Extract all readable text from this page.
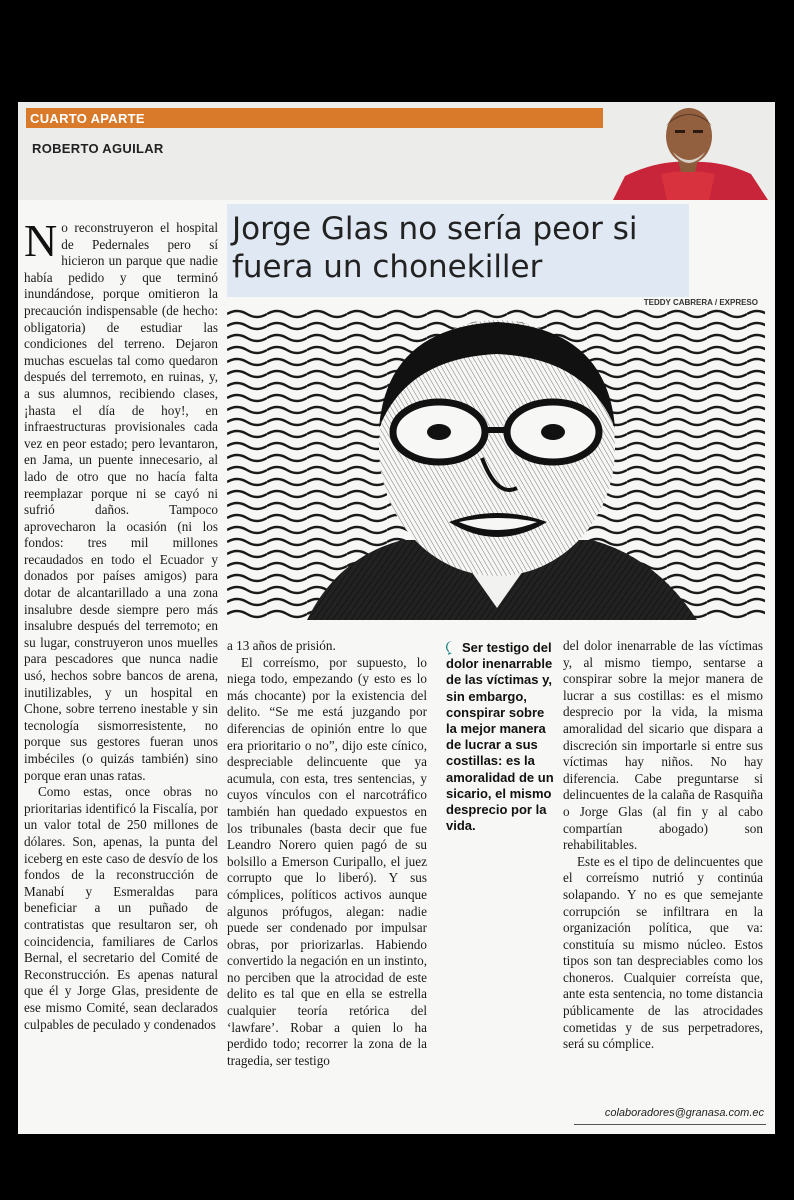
CUARTO APARTE
ROBERTO AGUILAR
Jorge Glas no sería peor si fuera un chonekiller
TEDDY CABRERA / EXPRESO

N o reconstruyeron el hospital de Pedernales pero sí hicieron un parque que nadie había pedido y que terminó inundándose, porque omitieron la precaución indispensable (de hecho: obligatoria) de estudiar las condiciones del terreno. Dejaron muchas escuelas tal como quedaron después del terremoto, en ruinas, y, a sus alumnos, recibiendo clases, ¡hasta el día de hoy!, en infraestructuras provisionales cada vez en peor estado; pero levantaron, en Jama, un puente innecesario, al lado de otro que no hacía falta reemplazar porque ni se cayó ni sufrió daños. Tampoco aprovecharon la ocasión (ni los fondos: tres mil millones recaudados en todo el Ecuador y donados por países amigos) para dotar de alcantarillado a una zona insalubre desde siempre pero más insalubre después del terremoto; en su lugar, construyeron unos muelles para pescadores que nunca nadie usó, hechos sobre bancos de arena, inutilizables, y un hospital en Chone, sobre terreno inestable y sin tecnología sismorresistente, no porque sus gestores fueran unos imbéciles (o quizás también) sino porque eran unas ratas.

Como estas, once obras no prioritarias identificó la Fiscalía, por un valor total de 250 millones de dólares. Son, apenas, la punta del iceberg en este caso de desvío de los fondos de la reconstrucción de Manabí y Esmeraldas para beneficiar a un puñado de contratistas que resultaron ser, oh coincidencia, familiares de Carlos Bernal, el secretario del Comité de Reconstrucción. Es apenas natural que él y Jorge Glas, presidente de ese mismo Comité, sean declarados culpables de peculado y condenados

a 13 años de prisión.

El correísmo, por supuesto, lo niega todo, empezando (y esto es lo más chocante) por la existencia del delito. “Se me está juzgando por diferencias de opinión entre lo que era prioritario o no”, dijo este cínico, despreciable delincuente que ya acumula, con esta, tres sentencias, y cuyos vínculos con el narcotráfico también han quedado expuestos en los tribunales (basta decir que fue Leandro Norero quien pagó de su bolsillo a Emerson Curipallo, el juez corrupto que lo liberó). Y sus cómplices, políticos activos aunque algunos prófugos, alegan: nadie puede ser condenado por impulsar obras, por priorizarlas. Habiendo convertido la negación en un instinto, no perciben que la atrocidad de este delito es tal que en ella se estrella cualquier teoría retórica del ‘lawfare’. Robar a quien lo ha perdido todo; recorrer la zona de la tragedia, ser testigo

Ser testigo del dolor inenarrable de las víctimas y, sin embargo, conspirar sobre la mejor manera de lucrar a sus costillas: es la amoralidad de un sicario, el mismo desprecio por la vida.

del dolor inenarrable de las víctimas y, al mismo tiempo, sentarse a conspirar sobre la mejor manera de lucrar a sus costillas: es el mismo desprecio por la vida, la misma amoralidad del sicario que dispara a discreción sin importarle si entre sus víctimas hay niños. No hay diferencia. Cabe preguntarse si delincuentes de la calaña de Rasquiña o Jorge Glas (al fin y al cabo compartían abogado) son rehabilitables.

Este es el tipo de delincuentes que el correísmo nutrió y continúa solapando. Y no es que semejante corrupción se infiltrara en la organización política, que va: constituía su mismo núcleo. Estos tipos son tan despreciables como los choneros. Cualquier correísta que, ante esta sentencia, no tome distancia públicamente de las atrocidades cometidas y de sus perpetradores, será su cómplice.

colaboradores@granasa.com.ec
